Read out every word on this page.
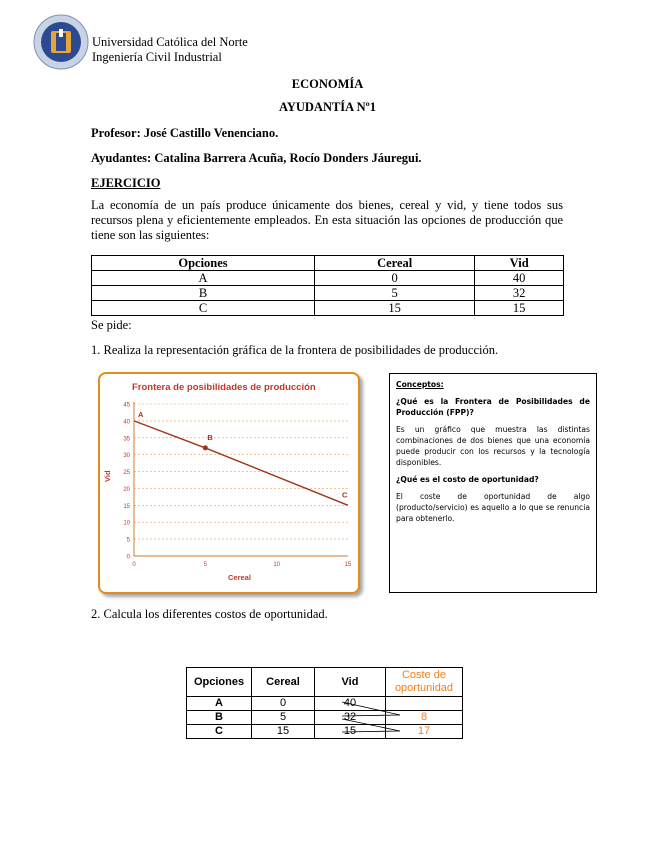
Universidad Católica del Norte
Ingeniería Civil Industrial
ECONOMÍA
AYUDANTÍA Nº1
Profesor: José Castillo Venenciano.
Ayudantes: Catalina Barrera Acuña, Rocío Donders Jáuregui.
EJERCICIO
La economía de un país produce únicamente dos bienes, cereal y vid, y tiene todos sus recursos plena y eficientemente empleados. En esta situación las opciones de producción que tiene son las siguientes:
Opciones	Cereal	Vid
A	0	40
B	5	32
C	15	15
Se pide:
1. Realiza la representación gráfica de la frontera de posibilidades de producción.
Frontera de posibilidades de producción
0
5
10
15
20
25
30
35
40
45
0	5	10	15
A
B
C
Vid
Cereal

Conceptos:

¿Qué es la Frontera de Posibilidades de Producción (FPP)?

Es un gráfico que muestra las distintas combinaciones de dos bienes que una economía puede producir con los recursos y la tecnología disponibles.

¿Qué es el costo de oportunidad?

El coste de oportunidad de algo (producto/servicio) es aquello a lo que se renuncia para obtenerlo.

2. Calcula los diferentes costos de oportunidad.
Opciones	Cereal	Vid	Coste de oportunidad
A	0	40	
B	5	32	8
C	15	15	17
